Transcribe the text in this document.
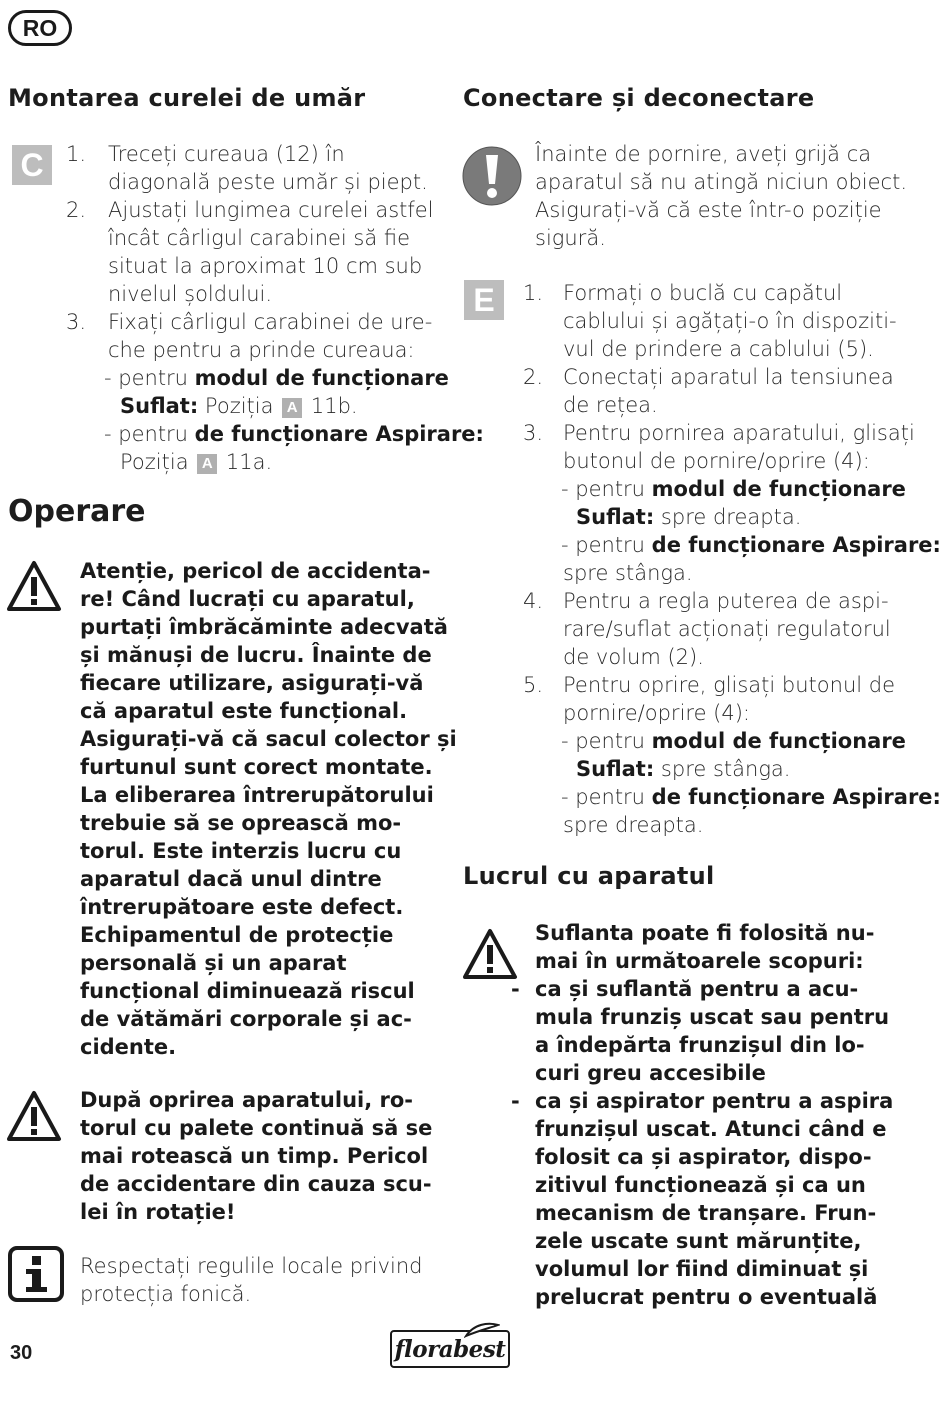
RO
Montarea curelei de umăr
C	1. Treceți cureaua (12) în
diagonală peste umăr și piept.
2. Ajustați lungimea curelei astfel
încât cârligul carabinei să fie
situat la aproximat 10 cm sub
nivelul șoldului.
3. Fixați cârligul carabinei de ure-
che pentru a prinde cureaua:
- pentru modul de funcționare
Suflat: Poziția A 11b.
- pentru de funcționare Aspirare:
Poziția A 11a.
Operare
Atenție, pericol de accidenta-
re! Când lucrați cu aparatul,
purtați îmbrăcăminte adecvată
și mănuși de lucru. Înainte de
fiecare utilizare, asigurați-vă
că aparatul este funcțional.
Asigurați-vă că sacul colector și
furtunul sunt corect montate.
La eliberarea întrerupătorului
trebuie să se oprească mo-
torul. Este interzis lucru cu
aparatul dacă unul dintre
întrerupătoare este defect.
Echipamentul de protecție
personală și un aparat
funcțional diminuează riscul
de vătămări corporale și ac-
cidente.
După oprirea aparatului, ro-
torul cu palete continuă să se
mai rotească un timp. Pericol
de accidentare din cauza scu-
lei în rotație!
Respectați regulile locale privind
protecția fonică.
Conectare și deconectare
Înainte de pornire, aveți grijă ca
aparatul să nu atingă niciun obiect.
Asigurați-vă că este într-o poziție
sigură.
E	1. Formați o buclă cu capătul
cablului și agățați-o în dispoziti-
vul de prindere a cablului (5).
2. Conectați aparatul la tensiunea
de rețea.
3. Pentru pornirea aparatului, glisați
butonul de pornire/oprire (4):
- pentru modul de funcționare
Suflat: spre dreapta.
- pentru de funcționare Aspirare:
spre stânga.
4. Pentru a regla puterea de aspi-
rare/suflat acționați regulatorul
de volum (2).
5. Pentru oprire, glisați butonul de
pornire/oprire (4):
- pentru modul de funcționare
Suflat: spre stânga.
- pentru de funcționare Aspirare:
spre dreapta.
Lucrul cu aparatul
Suflanta poate fi folosită nu-
mai în următoarele scopuri:
- ca și suflantă pentru a acu-
mula frunziș uscat sau pentru
a îndepărta frunzișul din lo-
curi greu accesibile
- ca și aspirator pentru a aspira
frunzișul uscat. Atunci când e
folosit ca și aspirator, dispo-
zitivul funcționează și ca un
mecanism de tranșare. Frun-
zele uscate sunt mărunțite,
volumul lor fiind diminuat și
prelucrat pentru o eventuală
30	florabest
